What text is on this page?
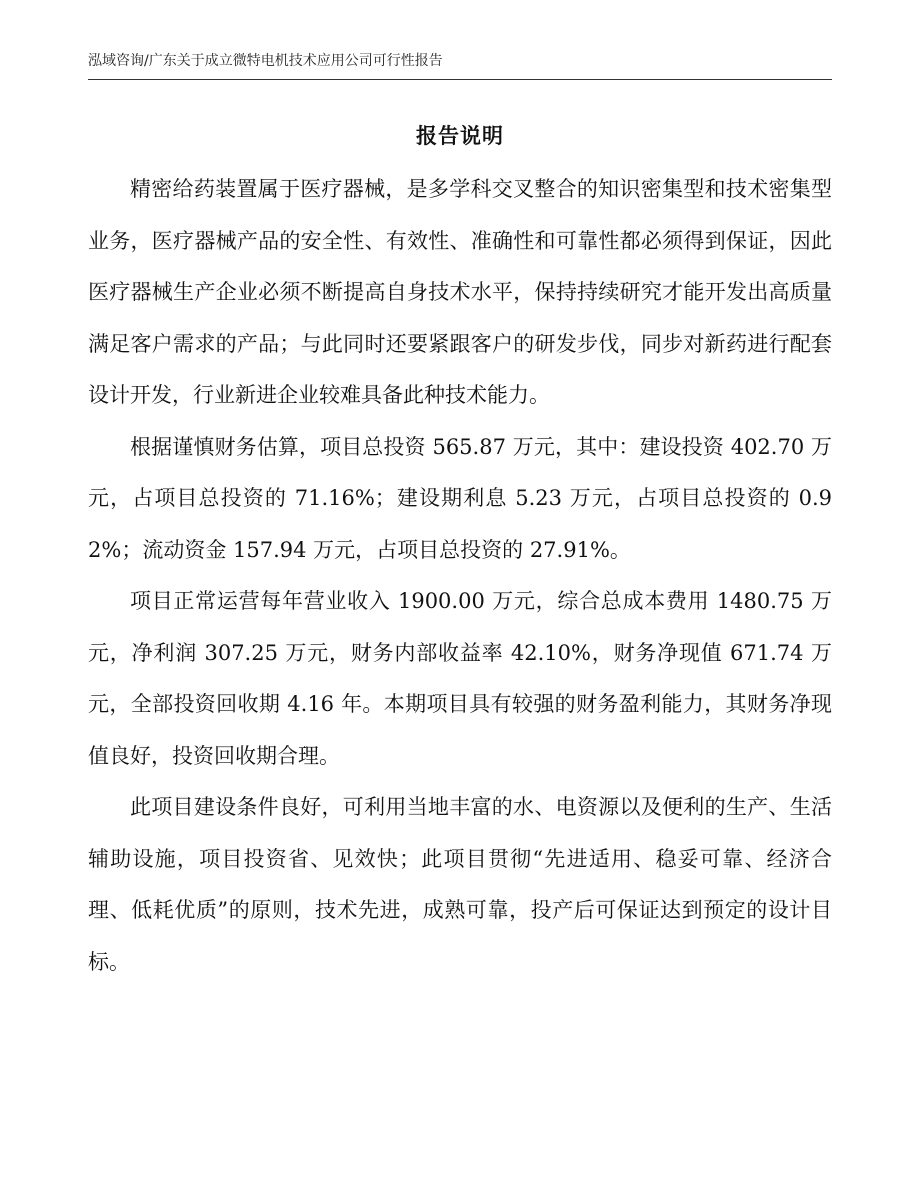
泓域咨询/广东关于成立微特电机技术应用公司可行性报告
报告说明

精密给药装置属于医疗器械，是多学科交叉整合的知识密集型和技术密集型业务，医疗器械产品的安全性、有效性、准确性和可靠性都必须得到保证，因此医疗器械生产企业必须不断提高自身技术水平，保持持续研究才能开发出高质量满足客户需求的产品；与此同时还要紧跟客户的研发步伐，同步对新药进行配套设计开发，行业新进企业较难具备此种技术能力。

根据谨慎财务估算，项目总投资 565.87 万元，其中：建设投资 402.70 万元，占项目总投资的 71.16%；建设期利息 5.23 万元，占项目总投资的 0.92%；流动资金 157.94 万元，占项目总投资的 27.91%。

项目正常运营每年营业收入 1900.00 万元，综合总成本费用 1480.75 万元，净利润 307.25 万元，财务内部收益率 42.10%，财务净现值 671.74 万元，全部投资回收期 4.16 年。本期项目具有较强的财务盈利能力，其财务净现值良好，投资回收期合理。

此项目建设条件良好，可利用当地丰富的水、电资源以及便利的生产、生活辅助设施，项目投资省、见效快；此项目贯彻“先进适用、稳妥可靠、经济合理、低耗优质”的原则，技术先进，成熟可靠，投产后可保证达到预定的设计目标。
